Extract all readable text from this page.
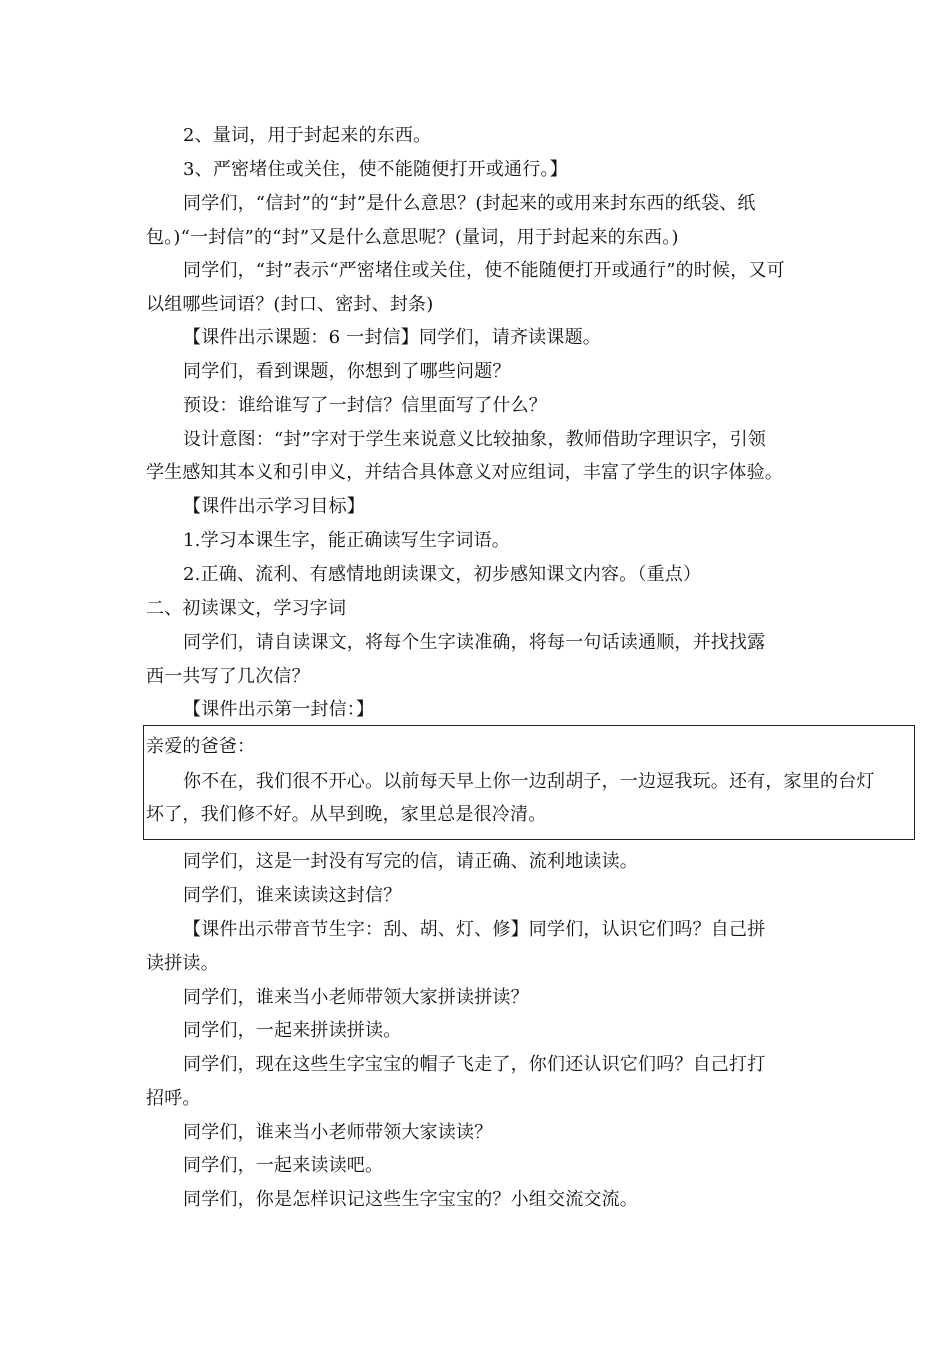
2、量词，用于封起来的东西。
3、严密堵住或关住，使不能随便打开或通行。】
同学们，“信封”的“封”是什么意思？(封起来的或用来封东西的纸袋、纸
包。)“一封信”的“封”又是什么意思呢？(量词，用于封起来的东西。)
同学们，“封”表示“严密堵住或关住，使不能随便打开或通行”的时候，又可
以组哪些词语？(封口、密封、封条)
【课件出示课题：6 一封信】同学们，请齐读课题。
同学们，看到课题，你想到了哪些问题？
预设：谁给谁写了一封信？信里面写了什么？
设计意图：“封”字对于学生来说意义比较抽象，教师借助字理识字，引领
学生感知其本义和引申义，并结合具体意义对应组词，丰富了学生的识字体验。
【课件出示学习目标】
1.学习本课生字，能正确读写生字词语。
2.正确、流利、有感情地朗读课文，初步感知课文内容。（重点）
二、初读课文，学习字词
同学们，请自读课文，将每个生字读准确，将每一句话读通顺，并找找露
西一共写了几次信？
【课件出示第一封信：】
亲爱的爸爸：
你不在，我们很不开心。以前每天早上你一边刮胡子，一边逗我玩。还有，家里的台灯
坏了，我们修不好。从早到晚，家里总是很冷清。
同学们，这是一封没有写完的信，请正确、流利地读读。
同学们，谁来读读这封信？
【课件出示带音节生字：刮、胡、灯、修】同学们，认识它们吗？自己拼
读拼读。
同学们，谁来当小老师带领大家拼读拼读？
同学们，一起来拼读拼读。
同学们，现在这些生字宝宝的帽子飞走了，你们还认识它们吗？自己打打
招呼。
同学们，谁来当小老师带领大家读读？
同学们，一起来读读吧。
同学们，你是怎样识记这些生字宝宝的？小组交流交流。
